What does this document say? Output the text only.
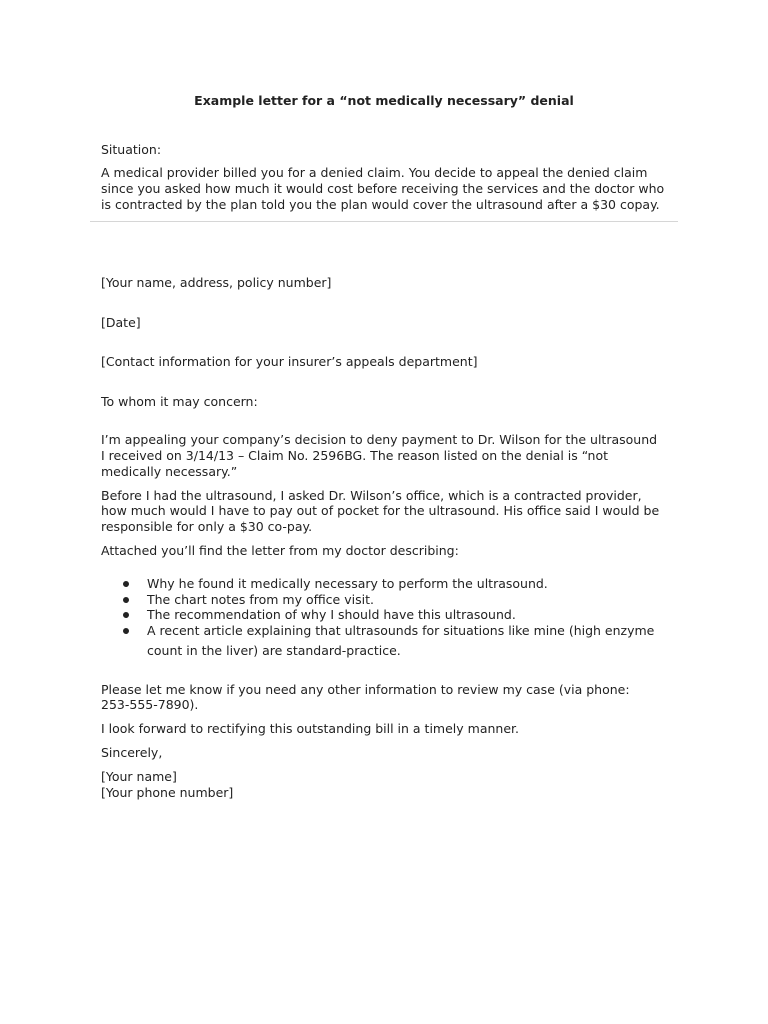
Example letter for a “not medically necessary” denial
Situation:
A medical provider billed you for a denied claim. You decide to appeal the denied claim
since you asked how much it would cost before receiving the services and the doctor who
is contracted by the plan told you the plan would cover the ultrasound after a $30 copay.
[Your name, address, policy number]
[Date]
[Contact information for your insurer’s appeals department]
To whom it may concern:
I’m appealing your company’s decision to deny payment to Dr. Wilson for the ultrasound
I received on 3/14/13 – Claim No. 2596BG. The reason listed on the denial is “not
medically necessary.”
Before I had the ultrasound, I asked Dr. Wilson’s office, which is a contracted provider,
how much would I have to pay out of pocket for the ultrasound. His office said I would be
responsible for only a $30 co-pay.
Attached you’ll find the letter from my doctor describing:
Why he found it medically necessary to perform the ultrasound.
The chart notes from my office visit.
The recommendation of why I should have this ultrasound.
A recent article explaining that ultrasounds for situations like mine (high enzyme
count in the liver) are standard-practice.
Please let me know if you need any other information to review my case (via phone:
253-555-7890).
I look forward to rectifying this outstanding bill in a timely manner.
Sincerely,
[Your name]
[Your phone number]
